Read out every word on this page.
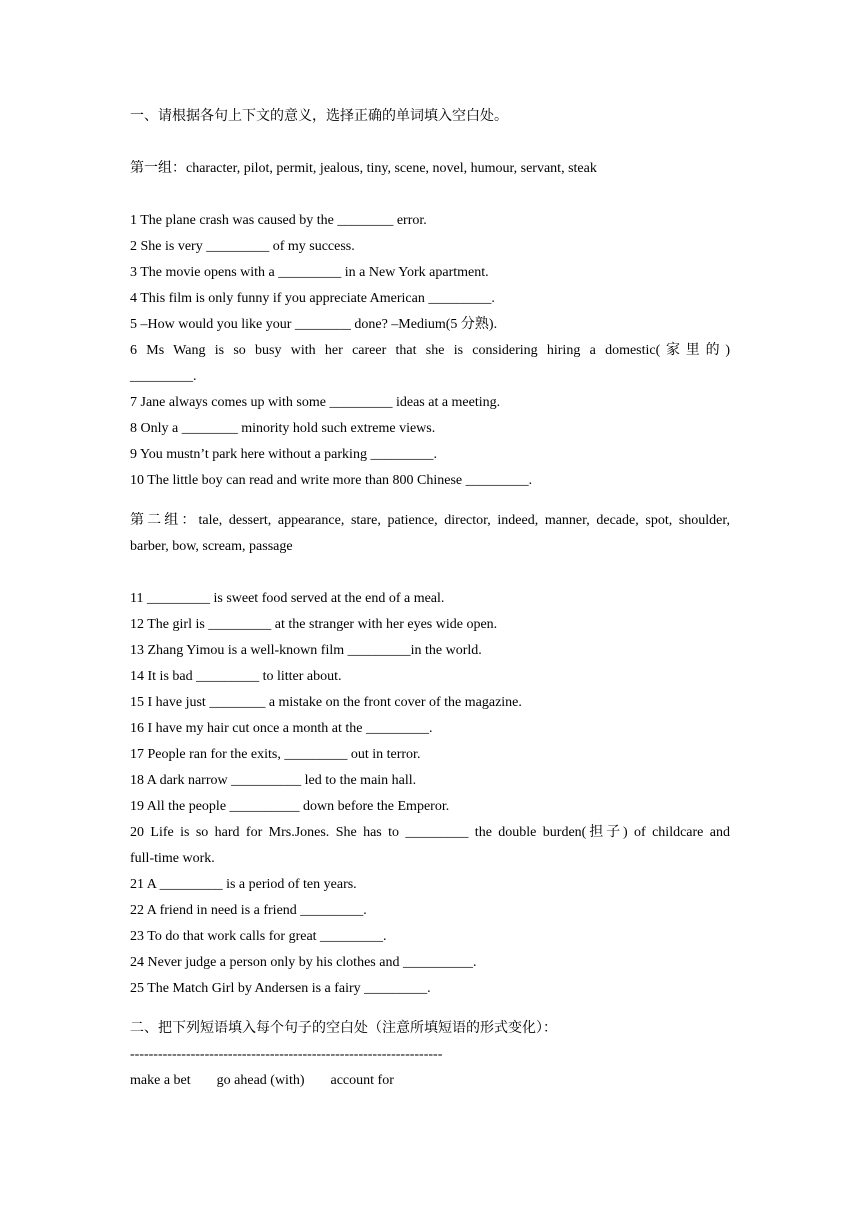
一、请根据各句上下文的意义，选择正确的单词填入空白处。
第一组：character, pilot, permit, jealous, tiny, scene, novel, humour, servant, steak
1 The plane crash was caused by the ________ error.
2 She is very _________ of my success.
3 The movie opens with a _________ in a New York apartment.
4 This film is only funny if you appreciate American _________.
5 –How would you like your ________ done? –Medium(5 分熟).
6 Ms Wang is so busy with her career that she is considering hiring a domestic(家里的)
_________.
7 Jane always comes up with some _________ ideas at a meeting.
8 Only a ________ minority hold such extreme views.
9 You mustn’t park here without a parking _________.
10 The little boy can read and write more than 800 Chinese _________.
第二组：tale, dessert, appearance, stare, patience, director, indeed, manner, decade, spot, shoulder,
barber, bow, scream, passage
11 _________ is sweet food served at the end of a meal.
12 The girl is _________ at the stranger with her eyes wide open.
13 Zhang Yimou is a well-known film _________in the world.
14 It is bad _________ to litter about.
15 I have just ________ a mistake on the front cover of the magazine.
16 I have my hair cut once a month at the _________.
17 People ran for the exits, _________ out in terror.
18 A dark narrow __________ led to the main hall.
19 All the people __________ down before the Emperor.
20 Life is so hard for Mrs.Jones. She has to _________ the double burden(担子) of childcare and
full-time work.
21 A _________ is a period of ten years.
22 A friend in need is a friend _________.
23 To do that work calls for great _________.
24 Never judge a person only by his clothes and __________.
25 The Match Girl by Andersen is a fairy _________.
二、把下列短语填入每个句子的空白处（注意所填短语的形式变化）：
-------------------------------------------------------------------
make a bet go ahead (with) account for
